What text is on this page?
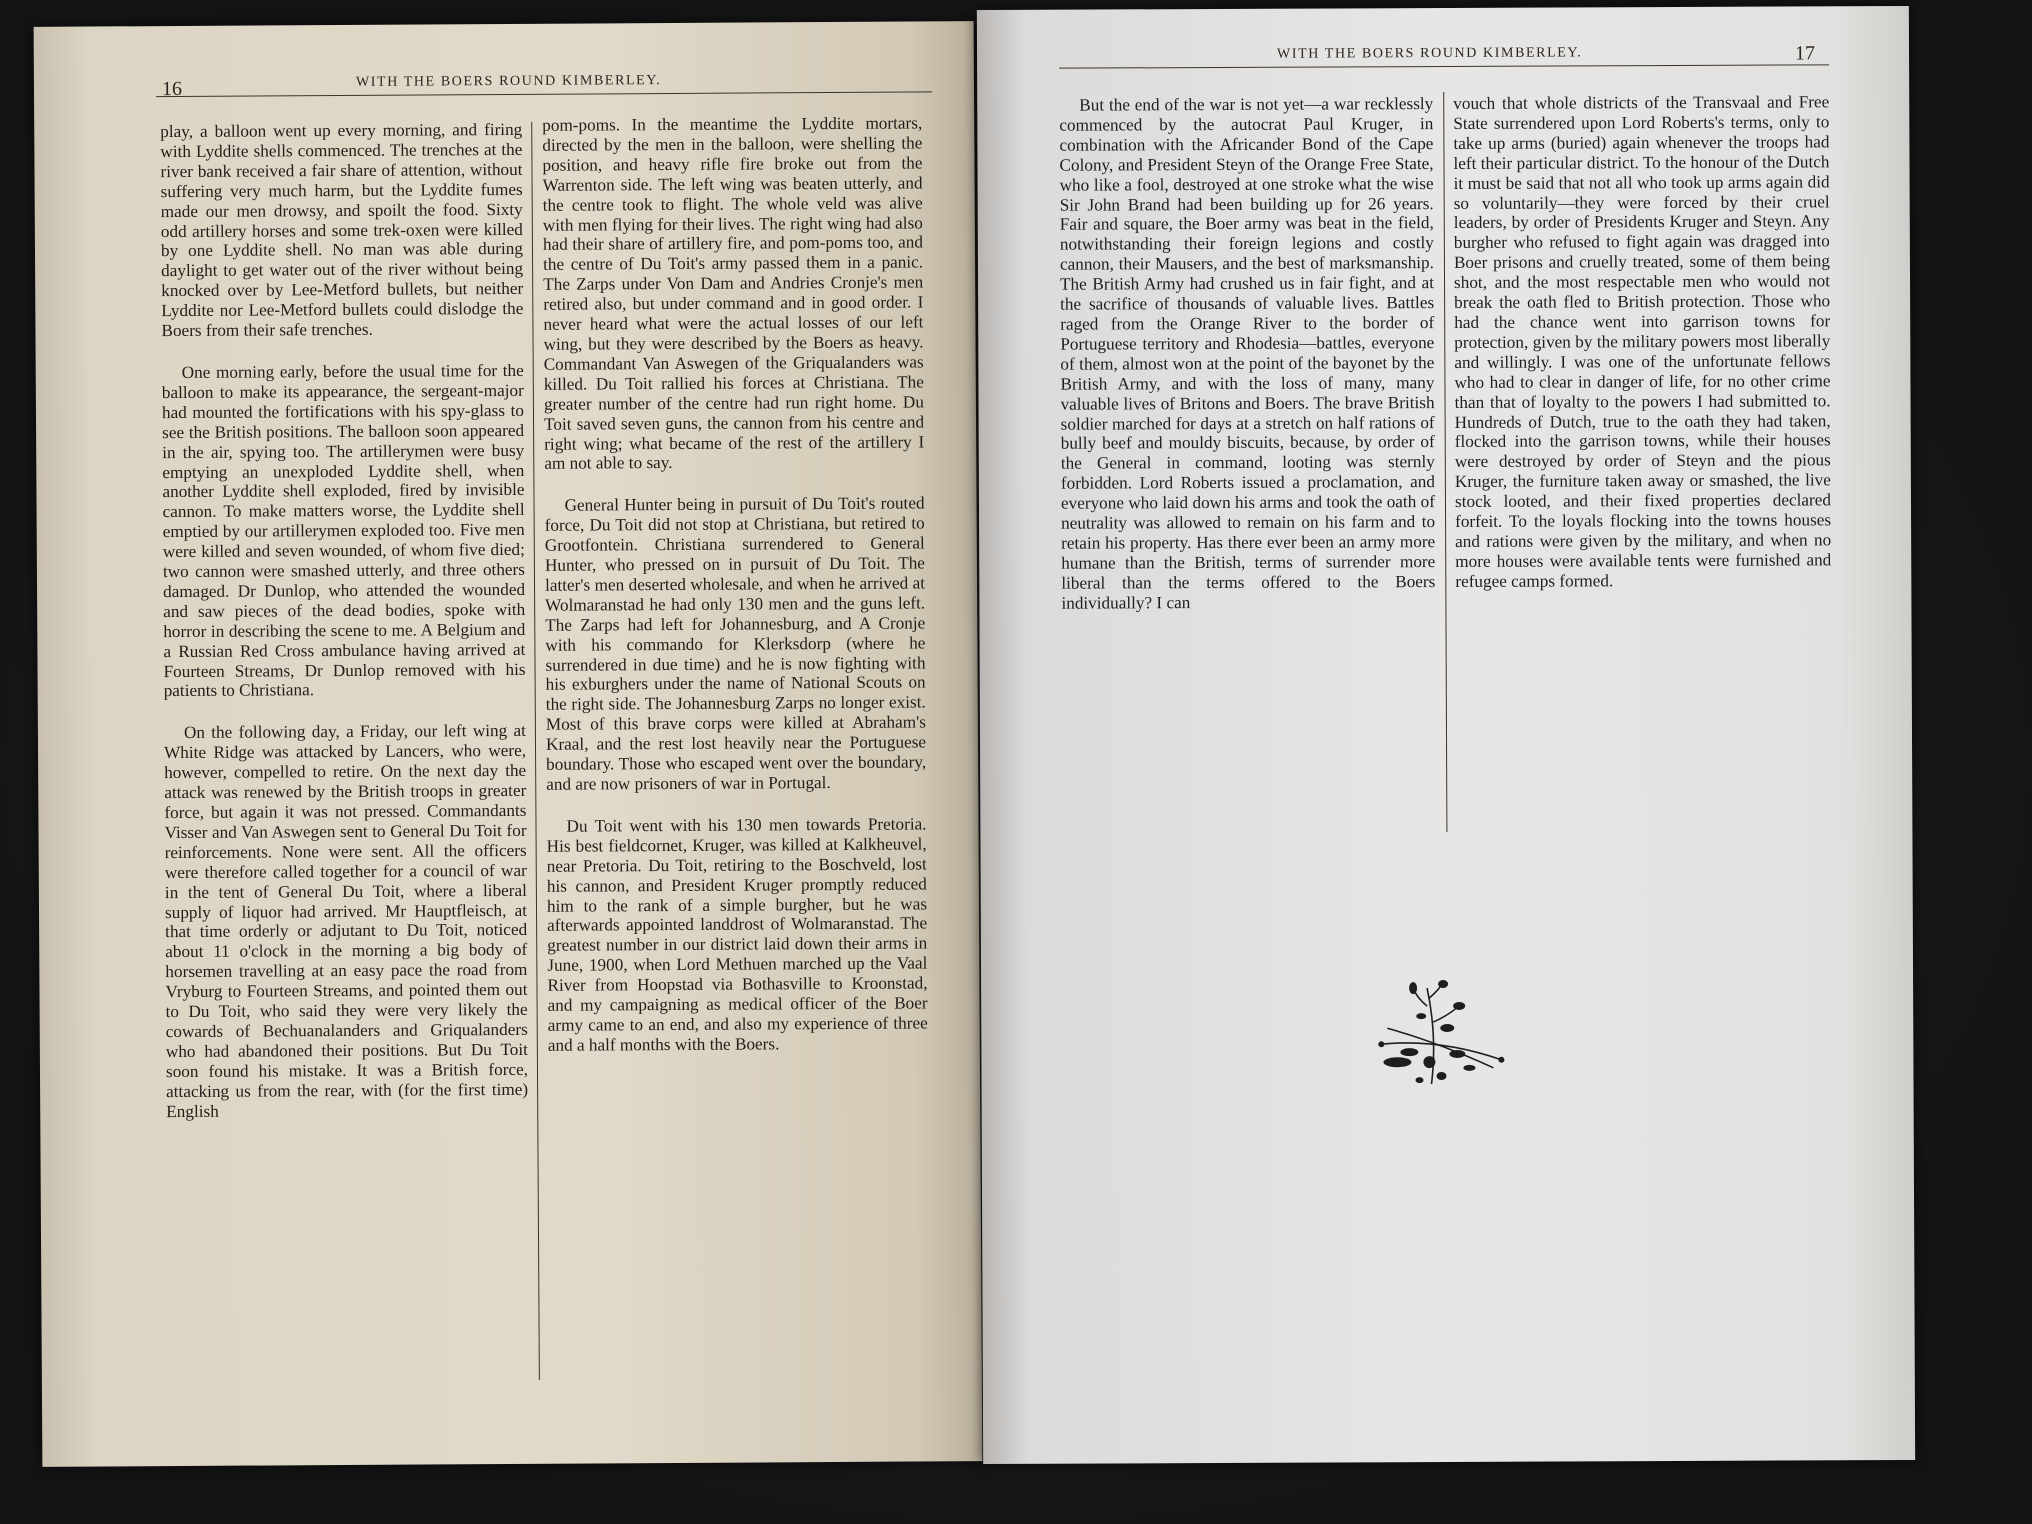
16	WITH THE BOERS ROUND KIMBERLEY.

play, a balloon went up every morning, and firing with Lyddite shells commenced. The trenches at the river bank received a fair share of attention, without suffering very much harm, but the Lyddite fumes made our men drowsy, and spoilt the food. Sixty odd artillery horses and some trek-oxen were killed by one Lyddite shell. No man was able during daylight to get water out of the river without being knocked over by Lee-Metford bullets, but neither Lyddite nor Lee-Metford bullets could dislodge the Boers from their safe trenches.

One morning early, before the usual time for the balloon to make its appearance, the sergeant-major had mounted the fortifications with his spy-glass to see the British positions. The balloon soon appeared in the air, spying too. The artillerymen were busy emptying an unexploded Lyddite shell, when another Lyddite shell exploded, fired by invisible cannon. To make matters worse, the Lyddite shell emptied by our artillerymen exploded too. Five men were killed and seven wounded, of whom five died; two cannon were smashed utterly, and three others damaged. Dr Dunlop, who attended the wounded and saw pieces of the dead bodies, spoke with horror in describing the scene to me. A Belgium and a Russian Red Cross ambulance having arrived at Fourteen Streams, Dr Dunlop removed with his patients to Christiana.

On the following day, a Friday, our left wing at White Ridge was attacked by Lancers, who were, however, compelled to retire. On the next day the attack was renewed by the British troops in greater force, but again it was not pressed. Commandants Visser and Van Aswegen sent to General Du Toit for reinforcements. None were sent. All the officers were therefore called together for a council of war in the tent of General Du Toit, where a liberal supply of liquor had arrived. Mr Hauptfleisch, at that time orderly or adjutant to Du Toit, noticed about 11 o'clock in the morning a big body of horsemen travelling at an easy pace the road from Vryburg to Fourteen Streams, and pointed them out to Du Toit, who said they were very likely the cowards of Bechuanalanders and Griqualanders who had abandoned their positions. But Du Toit soon found his mistake. It was a British force, attacking us from the rear, with (for the first time) English

pom-poms. In the meantime the Lyddite mortars, directed by the men in the balloon, were shelling the position, and heavy rifle fire broke out from the Warrenton side. The left wing was beaten utterly, and the centre took to flight. The whole veld was alive with men flying for their lives. The right wing had also had their share of artillery fire, and pom-poms too, and the centre of Du Toit's army passed them in a panic. The Zarps under Von Dam and Andries Cronje's men retired also, but under command and in good order. I never heard what were the actual losses of our left wing, but they were described by the Boers as heavy. Commandant Van Aswegen of the Griqualanders was killed. Du Toit rallied his forces at Christiana. The greater number of the centre had run right home. Du Toit saved seven guns, the cannon from his centre and right wing; what became of the rest of the artillery I am not able to say.

General Hunter being in pursuit of Du Toit's routed force, Du Toit did not stop at Christiana, but retired to Grootfontein. Christiana surrendered to General Hunter, who pressed on in pursuit of Du Toit. The latter's men deserted wholesale, and when he arrived at Wolmaranstad he had only 130 men and the guns left. The Zarps had left for Johannesburg, and A Cronje with his commando for Klerksdorp (where he surrendered in due time) and he is now fighting with his exburghers under the name of National Scouts on the right side. The Johannesburg Zarps no longer exist. Most of this brave corps were killed at Abraham's Kraal, and the rest lost heavily near the Portuguese boundary. Those who escaped went over the boundary, and are now prisoners of war in Portugal.

Du Toit went with his 130 men towards Pretoria. His best fieldcornet, Kruger, was killed at Kalkheuvel, near Pretoria. Du Toit, retiring to the Boschveld, lost his cannon, and President Kruger promptly reduced him to the rank of a simple burgher, but he was afterwards appointed landdrost of Wolmaranstad. The greatest number in our district laid down their arms in June, 1900, when Lord Methuen marched up the Vaal River from Hoopstad via Bothasville to Kroonstad, and my campaigning as medical officer of the Boer army came to an end, and also my experience of three and a half months with the Boers.

WITH THE BOERS ROUND KIMBERLEY.	17

But the end of the war is not yet—a war recklessly commenced by the autocrat Paul Kruger, in combination with the Africander Bond of the Cape Colony, and President Steyn of the Orange Free State, who like a fool, destroyed at one stroke what the wise Sir John Brand had been building up for 26 years. Fair and square, the Boer army was beat in the field, notwithstanding their foreign legions and costly cannon, their Mausers, and the best of marksmanship. The British Army had crushed us in fair fight, and at the sacrifice of thousands of valuable lives. Battles raged from the Orange River to the border of Portuguese territory and Rhodesia—battles, everyone of them, almost won at the point of the bayonet by the British Army, and with the loss of many, many valuable lives of Britons and Boers. The brave British soldier marched for days at a stretch on half rations of bully beef and mouldy biscuits, because, by order of the General in command, looting was sternly forbidden. Lord Roberts issued a proclamation, and everyone who laid down his arms and took the oath of neutrality was allowed to remain on his farm and to retain his property. Has there ever been an army more humane than the British, terms of surrender more liberal than the terms offered to the Boers individually? I can

vouch that whole districts of the Transvaal and Free State surrendered upon Lord Roberts's terms, only to take up arms (buried) again whenever the troops had left their particular district. To the honour of the Dutch it must be said that not all who took up arms again did so voluntarily—they were forced by their cruel leaders, by order of Presidents Kruger and Steyn. Any burgher who refused to fight again was dragged into Boer prisons and cruelly treated, some of them being shot, and the most respectable men who would not break the oath fled to British protection. Those who had the chance went into garrison towns for protection, given by the military powers most liberally and willingly. I was one of the unfortunate fellows who had to clear in danger of life, for no other crime than that of loyalty to the powers I had submitted to. Hundreds of Dutch, true to the oath they had taken, flocked into the garrison towns, while their houses were destroyed by order of Steyn and the pious Kruger, the furniture taken away or smashed, the live stock looted, and their fixed properties declared forfeit. To the loyals flocking into the towns houses and rations were given by the military, and when no more houses were available tents were furnished and refugee camps formed.
